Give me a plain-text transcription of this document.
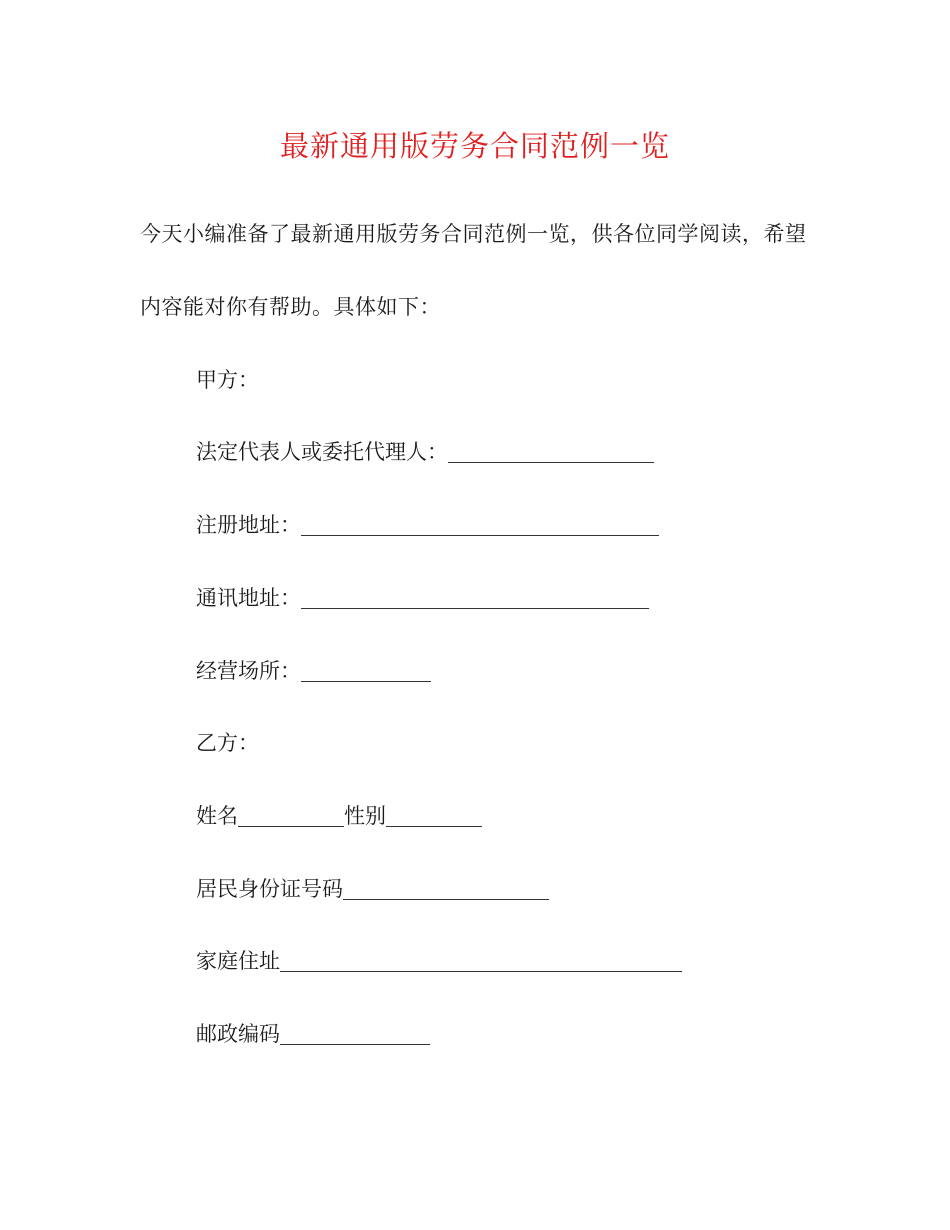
最新通用版劳务合同范例一览
今天小编准备了最新通用版劳务合同范例一览，供各位同学阅读，希望
内容能对你有帮助。具体如下：
甲方：
法定代表人或委托代理人：
注册地址：
通讯地址：
经营场所：
乙方：
姓名	性别
居民身份证号码
家庭住址
邮政编码
